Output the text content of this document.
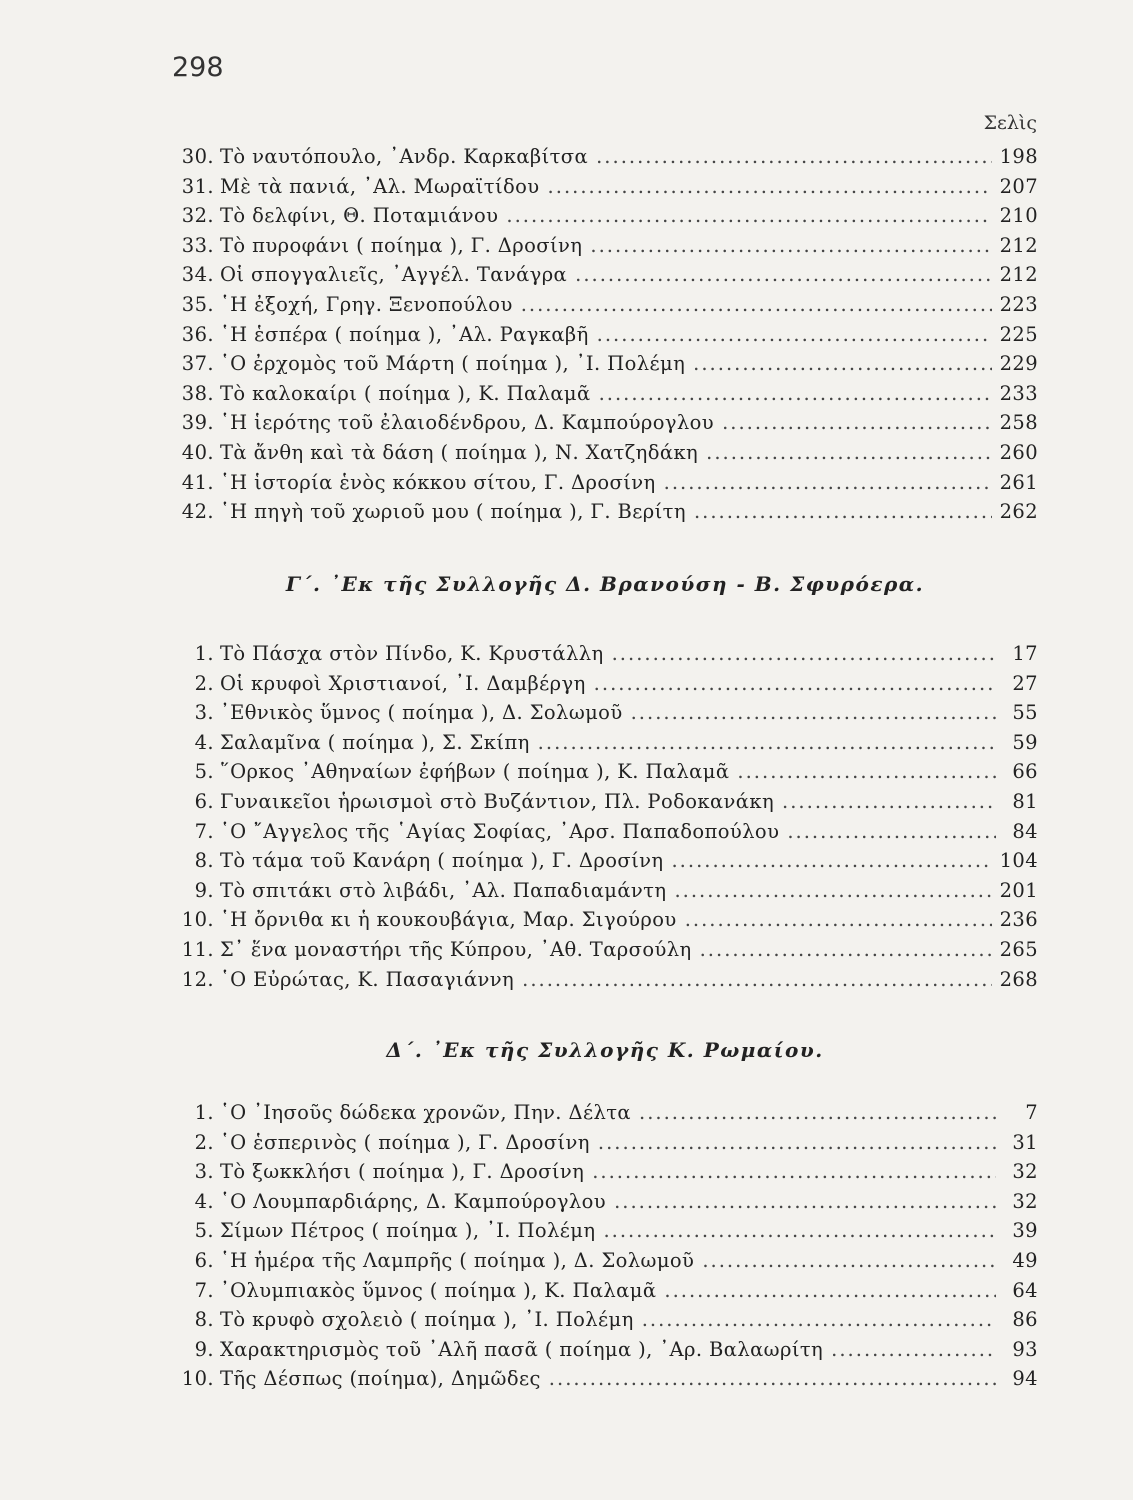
298
Σελὶς
30. Τὸ ναυτόπουλο, ᾿Ανδρ. Καρκαβίτσα .....	198
31. Μὲ τὰ πανιά, ᾿Αλ. Μωραϊτίδου .....	207
32. Τὸ δελφίνι, Θ. Ποταμιάνου .....	210
33. Τὸ πυροφάνι ( ποίημα ), Γ. Δροσίνη .....	212
34. Οἱ σπογγαλιεῖς, ᾿Αγγέλ. Τανάγρα .....	212
35. ῾Η ἐξοχή, Γρηγ. Ξενοπούλου .....	223
36. ῾Η ἑσπέρα ( ποίημα ), ᾿Αλ. Ραγκαβῆ .....	225
37. ῾Ο ἐρχομὸς τοῦ Μάρτη ( ποίημα ), ᾿Ι. Πολέμη .....	229
38. Τὸ καλοκαίρι ( ποίημα ), Κ. Παλαμᾶ .....	233
39. ῾Η ἱερότης τοῦ ἐλαιοδένδρου, Δ. Καμπούρογλου .....	258
40. Τὰ ἄνθη καὶ τὰ δάση ( ποίημα ), Ν. Χατζηδάκη .....	260
41. ῾Η ἱστορία ἑνὸς κόκκου σίτου, Γ. Δροσίνη .....	261
42. ῾Η πηγὴ τοῦ χωριοῦ μου ( ποίημα ), Γ. Βερίτη .....	262
Γ΄. ᾿Εκ τῆς Συλλογῆς Δ. Βρανούση - Β. Σφυρόερα.
1. Τὸ Πάσχα στὸν Πίνδο, Κ. Κρυστάλλη .....	17
2. Οἱ κρυφοὶ Χριστιανοί, ᾿Ι. Δαμβέργη .....	27
3. ᾿Εθνικὸς ὕμνος ( ποίημα ), Δ. Σολωμοῦ .....	55
4. Σαλαμῖνα ( ποίημα ), Σ. Σκίπη .....	59
5. ῞Ορκος ᾿Αθηναίων ἐφήβων ( ποίημα ), Κ. Παλαμᾶ .....	66
6. Γυναικεῖοι ἡρωισμοὶ στὸ Βυζάντιον, Πλ. Ροδοκανάκη .....	81
7. ῾Ο ῎Αγγελος τῆς ῾Αγίας Σοφίας, ᾿Αρσ. Παπαδοπούλου .....	84
8. Τὸ τάμα τοῦ Κανάρη ( ποίημα ), Γ. Δροσίνη .....	104
9. Τὸ σπιτάκι στὸ λιβάδι, ᾿Αλ. Παπαδιαμάντη .....	201
10. ῾Η ὄρνιθα κι ἡ κουκουβάγια, Μαρ. Σιγούρου .....	236
11. Σ᾿ ἕνα μοναστήρι τῆς Κύπρου, ᾿Αθ. Ταρσούλη .....	265
12. ῾Ο Εὐρώτας, Κ. Πασαγιάννη .....	268
Δ΄. ᾿Εκ τῆς Συλλογῆς Κ. Ρωμαίου.
1. ῾Ο ᾿Ιησοῦς δώδεκα χρονῶν, Πην. Δέλτα .....	7
2. ῾Ο ἑσπερινὸς ( ποίημα ), Γ. Δροσίνη .....	31
3. Τὸ ξωκκλήσι ( ποίημα ), Γ. Δροσίνη .....	32
4. ῾Ο Λουμπαρδιάρης, Δ. Καμπούρογλου .....	32
5. Σίμων Πέτρος ( ποίημα ), ᾿Ι. Πολέμη .....	39
6. ῾Η ἡμέρα τῆς Λαμπρῆς ( ποίημα ), Δ. Σολωμοῦ .....	49
7. ᾿Ολυμπιακὸς ὕμνος ( ποίημα ), Κ. Παλαμᾶ .....	64
8. Τὸ κρυφὸ σχολειὸ ( ποίημα ), ᾿Ι. Πολέμη .....	86
9. Χαρακτηρισμὸς τοῦ ᾿Αλῆ πασᾶ ( ποίημα ), ᾿Αρ. Βαλαωρίτη .....	93
10. Τῆς Δέσπως (ποίημα), Δημῶδες .....	94
